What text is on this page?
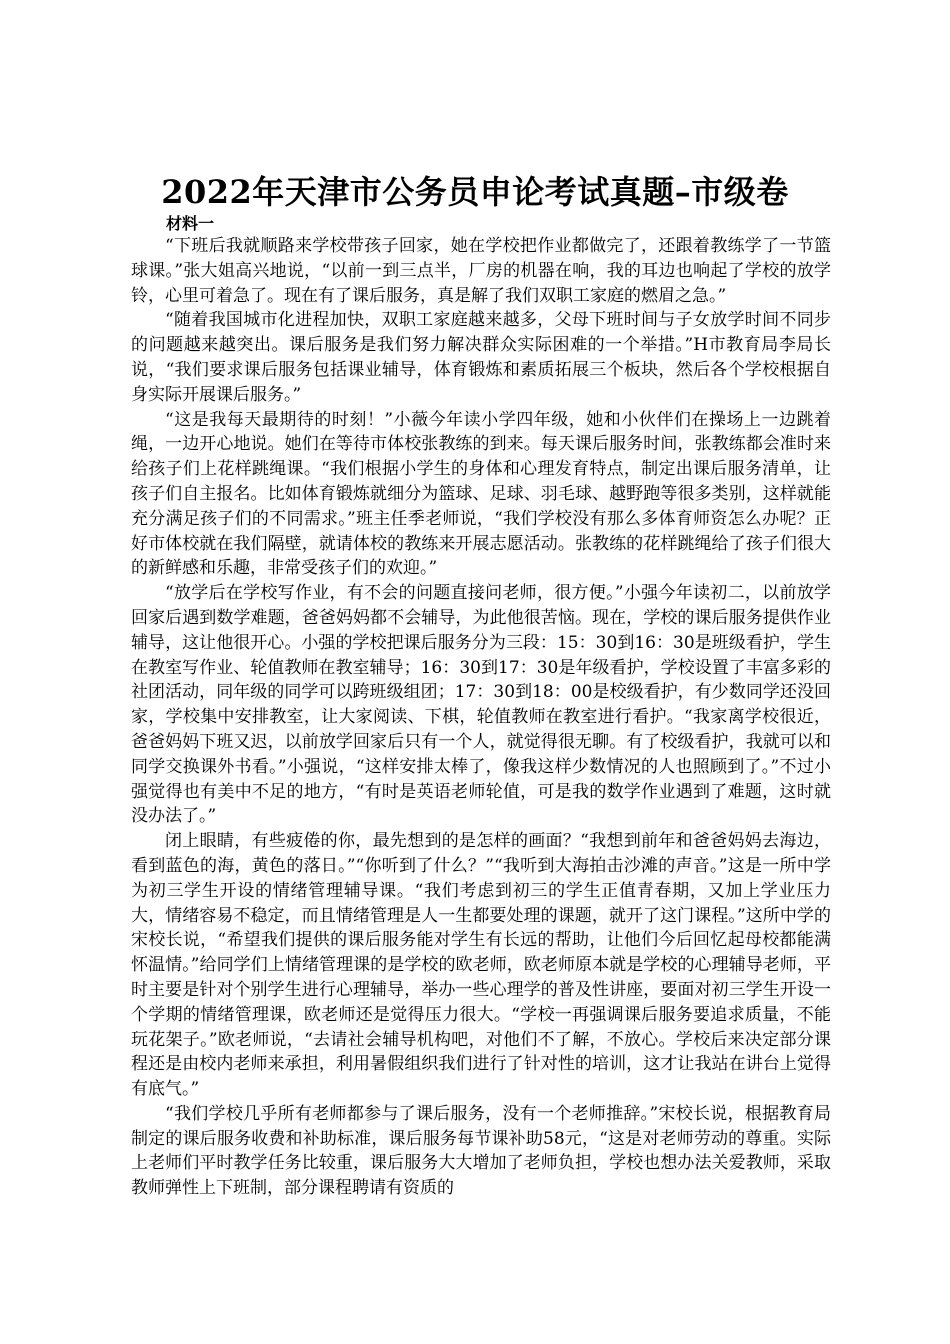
2022年天津市公务员申论考试真题–市级卷
材料一

“下班后我就顺路来学校带孩子回家，她在学校把作业都做完了，还跟着教练学了一节篮球课。”张大姐高兴地说，“以前一到三点半，厂房的机器在响，我的耳边也响起了学校的放学铃，心里可着急了。现在有了课后服务，真是解了我们双职工家庭的燃眉之急。”

“随着我国城市化进程加快，双职工家庭越来越多，父母下班时间与子女放学时间不同步的问题越来越突出。课后服务是我们努力解决群众实际困难的一个举措。”H市教育局李局长说，“我们要求课后服务包括课业辅导，体育锻炼和素质拓展三个板块，然后各个学校根据自身实际开展课后服务。”

“这是我每天最期待的时刻！”小薇今年读小学四年级，她和小伙伴们在操场上一边跳着绳，一边开心地说。她们在等待市体校张教练的到来。每天课后服务时间，张教练都会准时来给孩子们上花样跳绳课。“我们根据小学生的身体和心理发育特点，制定出课后服务清单，让孩子们自主报名。比如体育锻炼就细分为篮球、足球、羽毛球、越野跑等很多类别，这样就能充分满足孩子们的不同需求。”班主任季老师说，“我们学校没有那么多体育师资怎么办呢？正好市体校就在我们隔壁，就请体校的教练来开展志愿活动。张教练的花样跳绳给了孩子们很大的新鲜感和乐趣，非常受孩子们的欢迎。”

“放学后在学校写作业，有不会的问题直接问老师，很方便。”小强今年读初二，以前放学回家后遇到数学难题，爸爸妈妈都不会辅导，为此他很苦恼。现在，学校的课后服务提供作业辅导，这让他很开心。小强的学校把课后服务分为三段：15：30到16：30是班级看护，学生在教室写作业、轮值教师在教室辅导；16：30到17：30是年级看护，学校设置了丰富多彩的社团活动，同年级的同学可以跨班级组团；17：30到18：00是校级看护，有少数同学还没回家，学校集中安排教室，让大家阅读、下棋，轮值教师在教室进行看护。“我家离学校很近，爸爸妈妈下班又迟，以前放学回家后只有一个人，就觉得很无聊。有了校级看护，我就可以和同学交换课外书看。”小强说，“这样安排太棒了，像我这样少数情况的人也照顾到了。”不过小强觉得也有美中不足的地方，“有时是英语老师轮值，可是我的数学作业遇到了难题，这时就没办法了。”

闭上眼睛，有些疲倦的你，最先想到的是怎样的画面？“我想到前年和爸爸妈妈去海边，看到蓝色的海，黄色的落日。”“你听到了什么？”“我听到大海拍击沙滩的声音。”这是一所中学为初三学生开设的情绪管理辅导课。“我们考虑到初三的学生正值青春期，又加上学业压力大，情绪容易不稳定，而且情绪管理是人一生都要处理的课题，就开了这门课程。”这所中学的宋校长说，“希望我们提供的课后服务能对学生有长远的帮助，让他们今后回忆起母校都能满怀温情。”给同学们上情绪管理课的是学校的欧老师，欧老师原本就是学校的心理辅导老师，平时主要是针对个别学生进行心理辅导，举办一些心理学的普及性讲座，要面对初三学生开设一个学期的情绪管理课，欧老师还是觉得压力很大。“学校一再强调课后服务要追求质量，不能玩花架子。”欧老师说，“去请社会辅导机构吧，对他们不了解，不放心。学校后来决定部分课程还是由校内老师来承担，利用暑假组织我们进行了针对性的培训，这才让我站在讲台上觉得有底气。”

“我们学校几乎所有老师都参与了课后服务，没有一个老师推辞。”宋校长说，根据教育局制定的课后服务收费和补助标准，课后服务每节课补助58元，“这是对老师劳动的尊重。实际上老师们平时教学任务比较重，课后服务大大增加了老师负担，学校也想办法关爱教师，采取教师弹性上下班制，部分课程聘请有资质的
